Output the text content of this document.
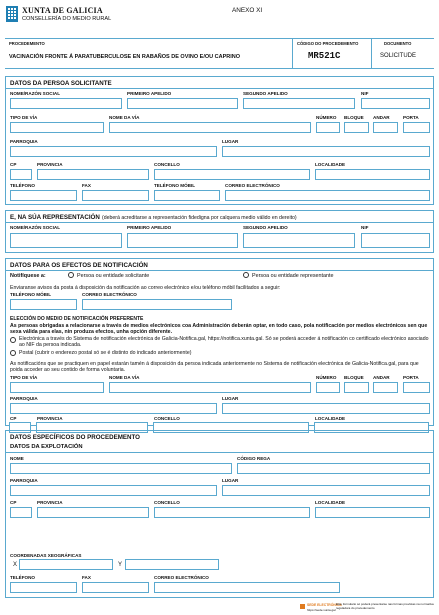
XUNTA DE GALICIA
CONSELLERÍA DO MEDIO RURAL
ANEXO XI
PROCEDEMENTO
VACINACIÓN FRONTE Á PARATUBERCULOSE EN RABAÑOS DE OVINO E/OU CAPRINO
CÓDIGO DO PROCEDEMENTO
MR521C
DOCUMENTO
SOLICITUDE
DATOS DA PERSOA SOLICITANTE
NOME/RAZÓN SOCIAL	PRIMEIRO APELIDO	SEGUNDO APELIDO	NIF
TIPO DE VÍA	NOME DA VÍA	NÚMERO BLOQUE ANDAR	PORTA
PARROQUIA	LUGAR
CP	PROVINCIA	CONCELLO	LOCALIDADE
TELÉFONO	FAX	TELÉFONO MÓBIL	CORREO ELECTRÓNICO
E, NA SÚA REPRESENTACIÓN (deberá acreditarse a representación fidedigna por calquera medio válido en dereito)
NOME/RAZÓN SOCIAL	PRIMEIRO APELIDO	SEGUNDO APELIDO	NIF
DATOS PARA OS EFECTOS DE NOTIFICACIÓN
Notifíquese a:	Persoa ou entidade solicitante	Persoa ou entidade representante
Enviaranse avisos da posta á disposición da notificación ao correo electrónico e/ou teléfono móbil facilitados a seguir:
TELÉFONO MÓBIL	CORREO ELECTRÓNICO
ELECCIÓN DO MEDIO DE NOTIFICACIÓN PREFERENTE
As persoas obrigadas a relacionarse a través de medios electrónicos coa Administración deberán optar, en todo caso, pola notificación por medios electrónicos sen que sexa válida para elas, nin produza efectos, unha opción diferente.
Electrónica a través do Sistema de notificación electrónica de Galicia-Notifica.gal, https://notifica.xunta.gal. Só se poderá acceder á notificación co certificado electrónico asociado ao NIF da persoa indicada.
Postal (cubrir o enderezo postal só se é distinto do indicado anteriormente)
As notificacións que se practiquen en papel estarán tamén á disposición da persoa indicada anteriormente no Sistema de notificación electrónica de Galicia-Notifica.gal, para que poida acceder ao seu contido de forma voluntaria.
TIPO DE VÍA	NOME DA VÍA	NÚMERO BLOQUE ANDAR	PORTA
PARROQUIA	LUGAR
CP	PROVINCIA	CONCELLO	LOCALIDADE
DATOS ESPECÍFICOS DO PROCEDEMENTO
DATOS DA EXPLOTACIÓN
NOME	CÓDIGO REGA
PARROQUIA	LUGAR
CP	PROVINCIA	CONCELLO	LOCALIDADE
COORDENADAS XEOGRÁFICAS
X	Y
TELÉFONO	FAX	CORREO ELECTRÓNICO
SEDE ELECTRÓNICA
Este formulario só poderá presentarse nas formas previstas na normativa reguladora do procedemento
https://sede.xunta.gal
